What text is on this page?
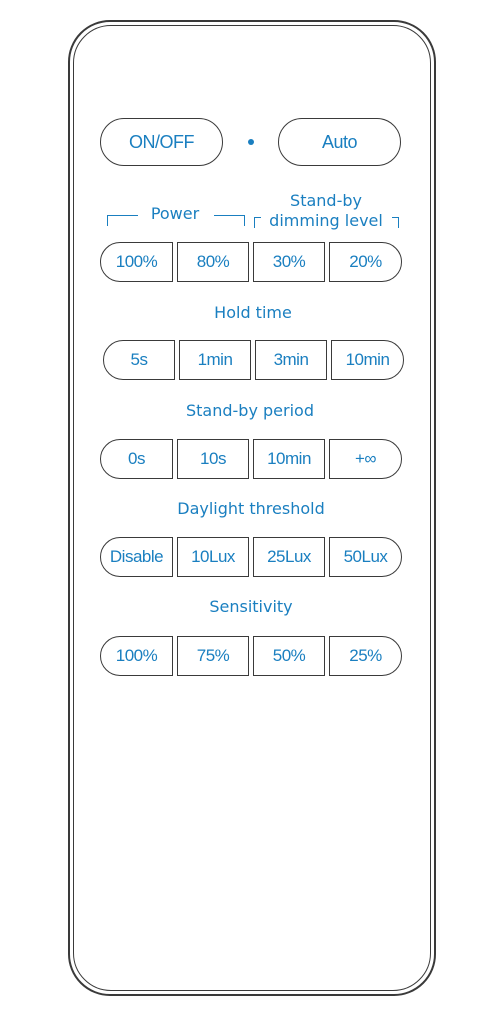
ON/OFF	Auto
Power
Stand-by
dimming level
100%	80%	30%	20%
Hold time
5s	1min	3min	10min
Stand-by period
0s	10s	10min	+∞
Daylight threshold
Disable	10Lux	25Lux	50Lux
Sensitivity
100%	75%	50%	25%
